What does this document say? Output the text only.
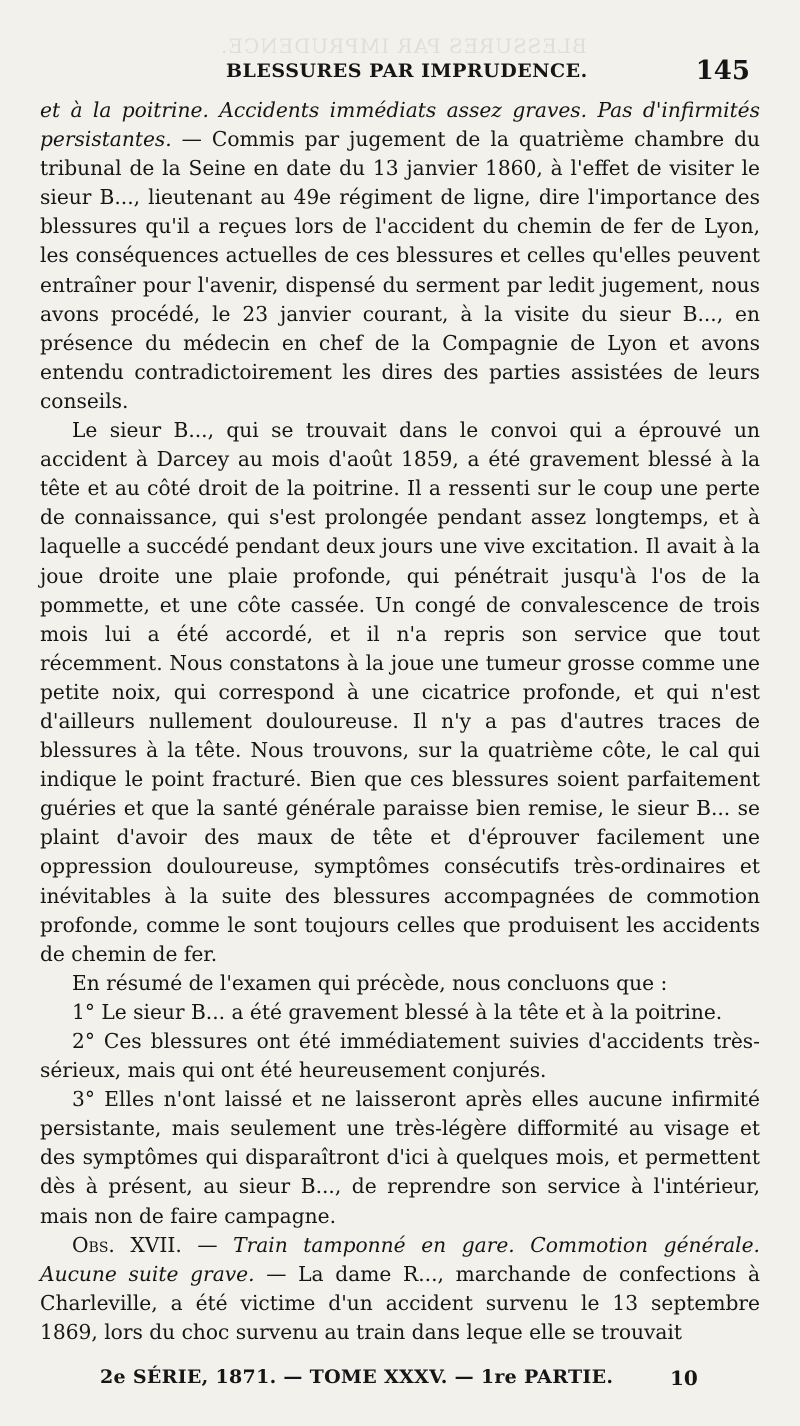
BLESSURES PAR IMPRUDENCE.
BLESSURES PAR IMPRUDENCE.	145

et à la poitrine. Accidents immédiats assez graves. Pas d'infirmités persistantes. — Commis par jugement de la quatrième chambre du tribunal de la Seine en date du 13 janvier 1860, à l'effet de visiter le sieur B..., lieutenant au 49e régiment de ligne, dire l'importance des blessures qu'il a reçues lors de l'accident du chemin de fer de Lyon, les conséquences actuelles de ces blessures et celles qu'elles peuvent entraîner pour l'avenir, dispensé du serment par ledit jugement, nous avons procédé, le 23 janvier courant, à la visite du sieur B..., en présence du médecin en chef de la Compagnie de Lyon et avons entendu contradictoirement les dires des parties assistées de leurs conseils.

Le sieur B..., qui se trouvait dans le convoi qui a éprouvé un accident à Darcey au mois d'août 1859, a été gravement blessé à la tête et au côté droit de la poitrine. Il a ressenti sur le coup une perte de connaissance, qui s'est prolongée pendant assez longtemps, et à laquelle a succédé pendant deux jours une vive excitation. Il avait à la joue droite une plaie profonde, qui pénétrait jusqu'à l'os de la pommette, et une côte cassée. Un congé de convalescence de trois mois lui a été accordé, et il n'a repris son service que tout récemment. Nous constatons à la joue une tumeur grosse comme une petite noix, qui correspond à une cicatrice profonde, et qui n'est d'ailleurs nullement douloureuse. Il n'y a pas d'autres traces de blessures à la tête. Nous trouvons, sur la quatrième côte, le cal qui indique le point fracturé. Bien que ces blessures soient parfaitement guéries et que la santé générale paraisse bien remise, le sieur B... se plaint d'avoir des maux de tête et d'éprouver facilement une oppression douloureuse, symptômes consécutifs très-ordinaires et inévitables à la suite des blessures accompagnées de commotion profonde, comme le sont toujours celles que produisent les accidents de chemin de fer.

En résumé de l'examen qui précède, nous concluons que :

1° Le sieur B... a été gravement blessé à la tête et à la poitrine.

2° Ces blessures ont été immédiatement suivies d'accidents très-sérieux, mais qui ont été heureusement conjurés.

3° Elles n'ont laissé et ne laisseront après elles aucune infirmité persistante, mais seulement une très-légère difformité au visage et des symptômes qui disparaîtront d'ici à quelques mois, et permettent dès à présent, au sieur B..., de reprendre son service à l'intérieur, mais non de faire campagne.

Obs. XVII. — Train tamponné en gare. Commotion générale. Aucune suite grave. — La dame R..., marchande de confections à Charleville, a été victime d'un accident survenu le 13 septembre 1869, lors du choc survenu au train dans leque elle se trouvait

2e SÉRIE, 1871. — TOME XXXV. — 1re PARTIE.	10
